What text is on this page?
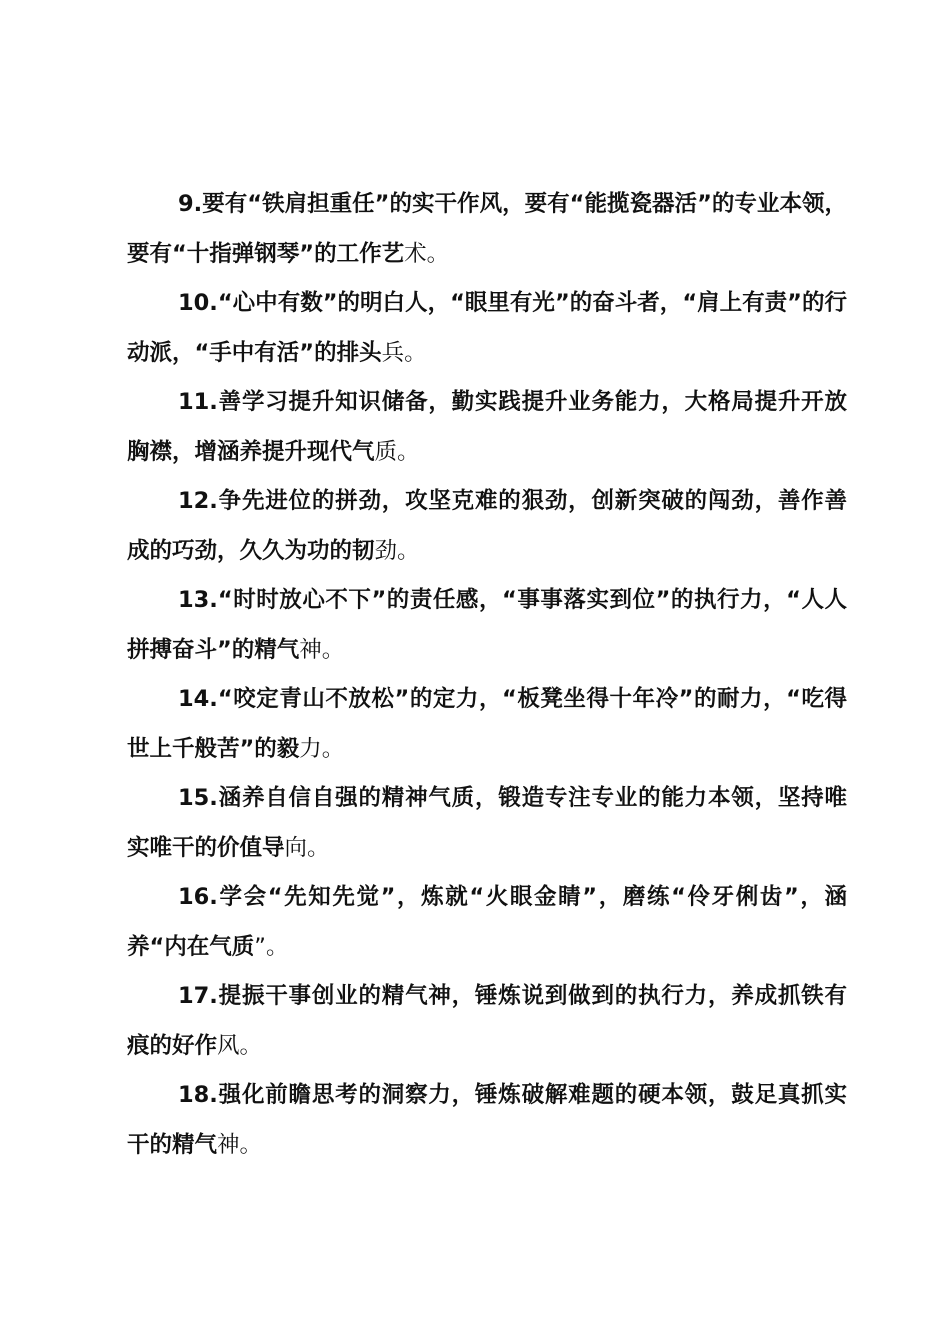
9.要有“铁肩担重任”的实干作风，要有“能揽瓷器活”的专业本领，要有“十指弹钢琴”的工作艺术。

10.“心中有数”的明白人，“眼里有光”的奋斗者，“肩上有责”的行动派，“手中有活”的排头兵。

11.善学习提升知识储备，勤实践提升业务能力，大格局提升开放胸襟，增涵养提升现代气质。

12.争先进位的拼劲，攻坚克难的狠劲，创新突破的闯劲，善作善成的巧劲，久久为功的韧劲。

13.“时时放心不下”的责任感，“事事落实到位”的执行力，“人人拼搏奋斗”的精气神。

14.“咬定青山不放松”的定力，“板凳坐得十年冷”的耐力，“吃得世上千般苦”的毅力。

15.涵养自信自强的精神气质，锻造专注专业的能力本领，坚持唯实唯干的价值导向。

16.学会“先知先觉”，炼就“火眼金睛”，磨练“伶牙俐齿”，涵养“内在气质”。

17.提振干事创业的精气神，锤炼说到做到的执行力，养成抓铁有痕的好作风。

18.强化前瞻思考的洞察力，锤炼破解难题的硬本领，鼓足真抓实干的精气神。
